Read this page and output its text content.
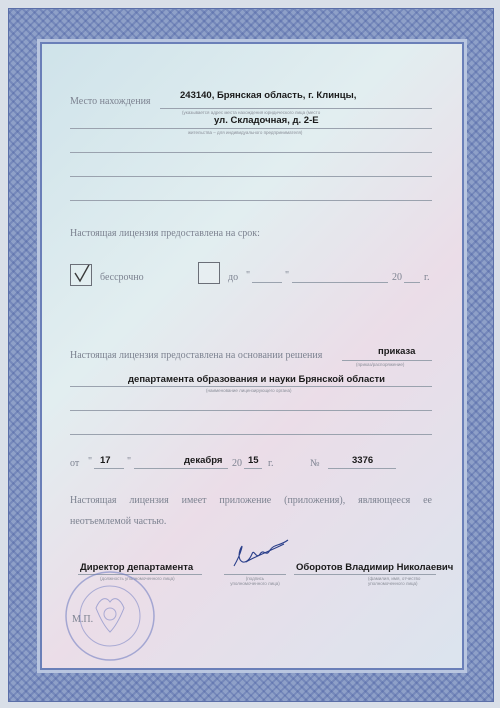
Место нахождения
243140, Брянская область, г. Клинцы,
(указывается адрес места нахождения юридического лица (место
ул. Складочная, д. 2-Е
жительства – для индивидуального предпринимателя)
Настоящая лицензия предоставлена на срок:
бессрочно	до "	"	20 г.
Настоящая лицензия предоставлена на основании решения	приказа
(приказ/распоряжение)
департамента образования и науки Брянской области
(наименование лицензирующего органа)
от " 17 "	декабря 20 15 г.	№	3376
Настоящая лицензия имеет приложение (приложения), являющееся ее неотъемлемой частью.
Директор департамента
(должность уполномоченного лица)	(подпись уполномоченного лица)
Оборотов Владимир Николаевич
(фамилия, имя, отчество уполномоченного лица)
М.П.
